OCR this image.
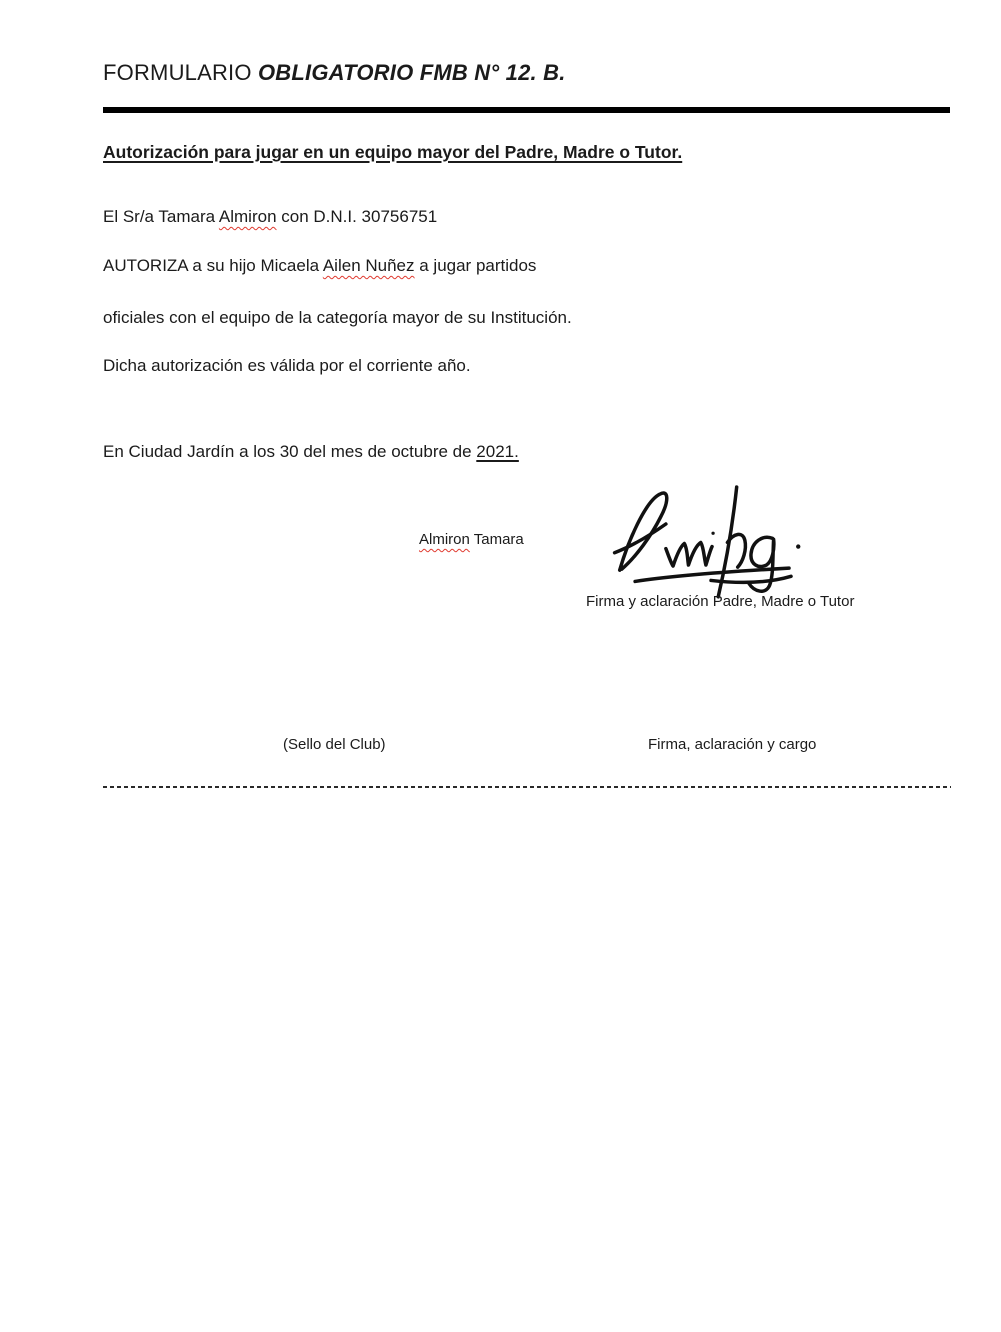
FORMULARIO OBLIGATORIO FMB N° 12. B.
Autorización para jugar en un equipo mayor del Padre, Madre o Tutor.
El Sr/a Tamara Almiron con D.N.I. 30756751
AUTORIZA a su hijo Micaela Ailen Nuñez a jugar partidos
oficiales con el equipo de la categoría mayor de su Institución.
Dicha autorización es válida por el corriente año.
En Ciudad Jardín a los 30 del mes de octubre de 2021.
Almiron Tamara
Firma y aclaración Padre, Madre o Tutor
(Sello del Club)	Firma, aclaración y cargo
